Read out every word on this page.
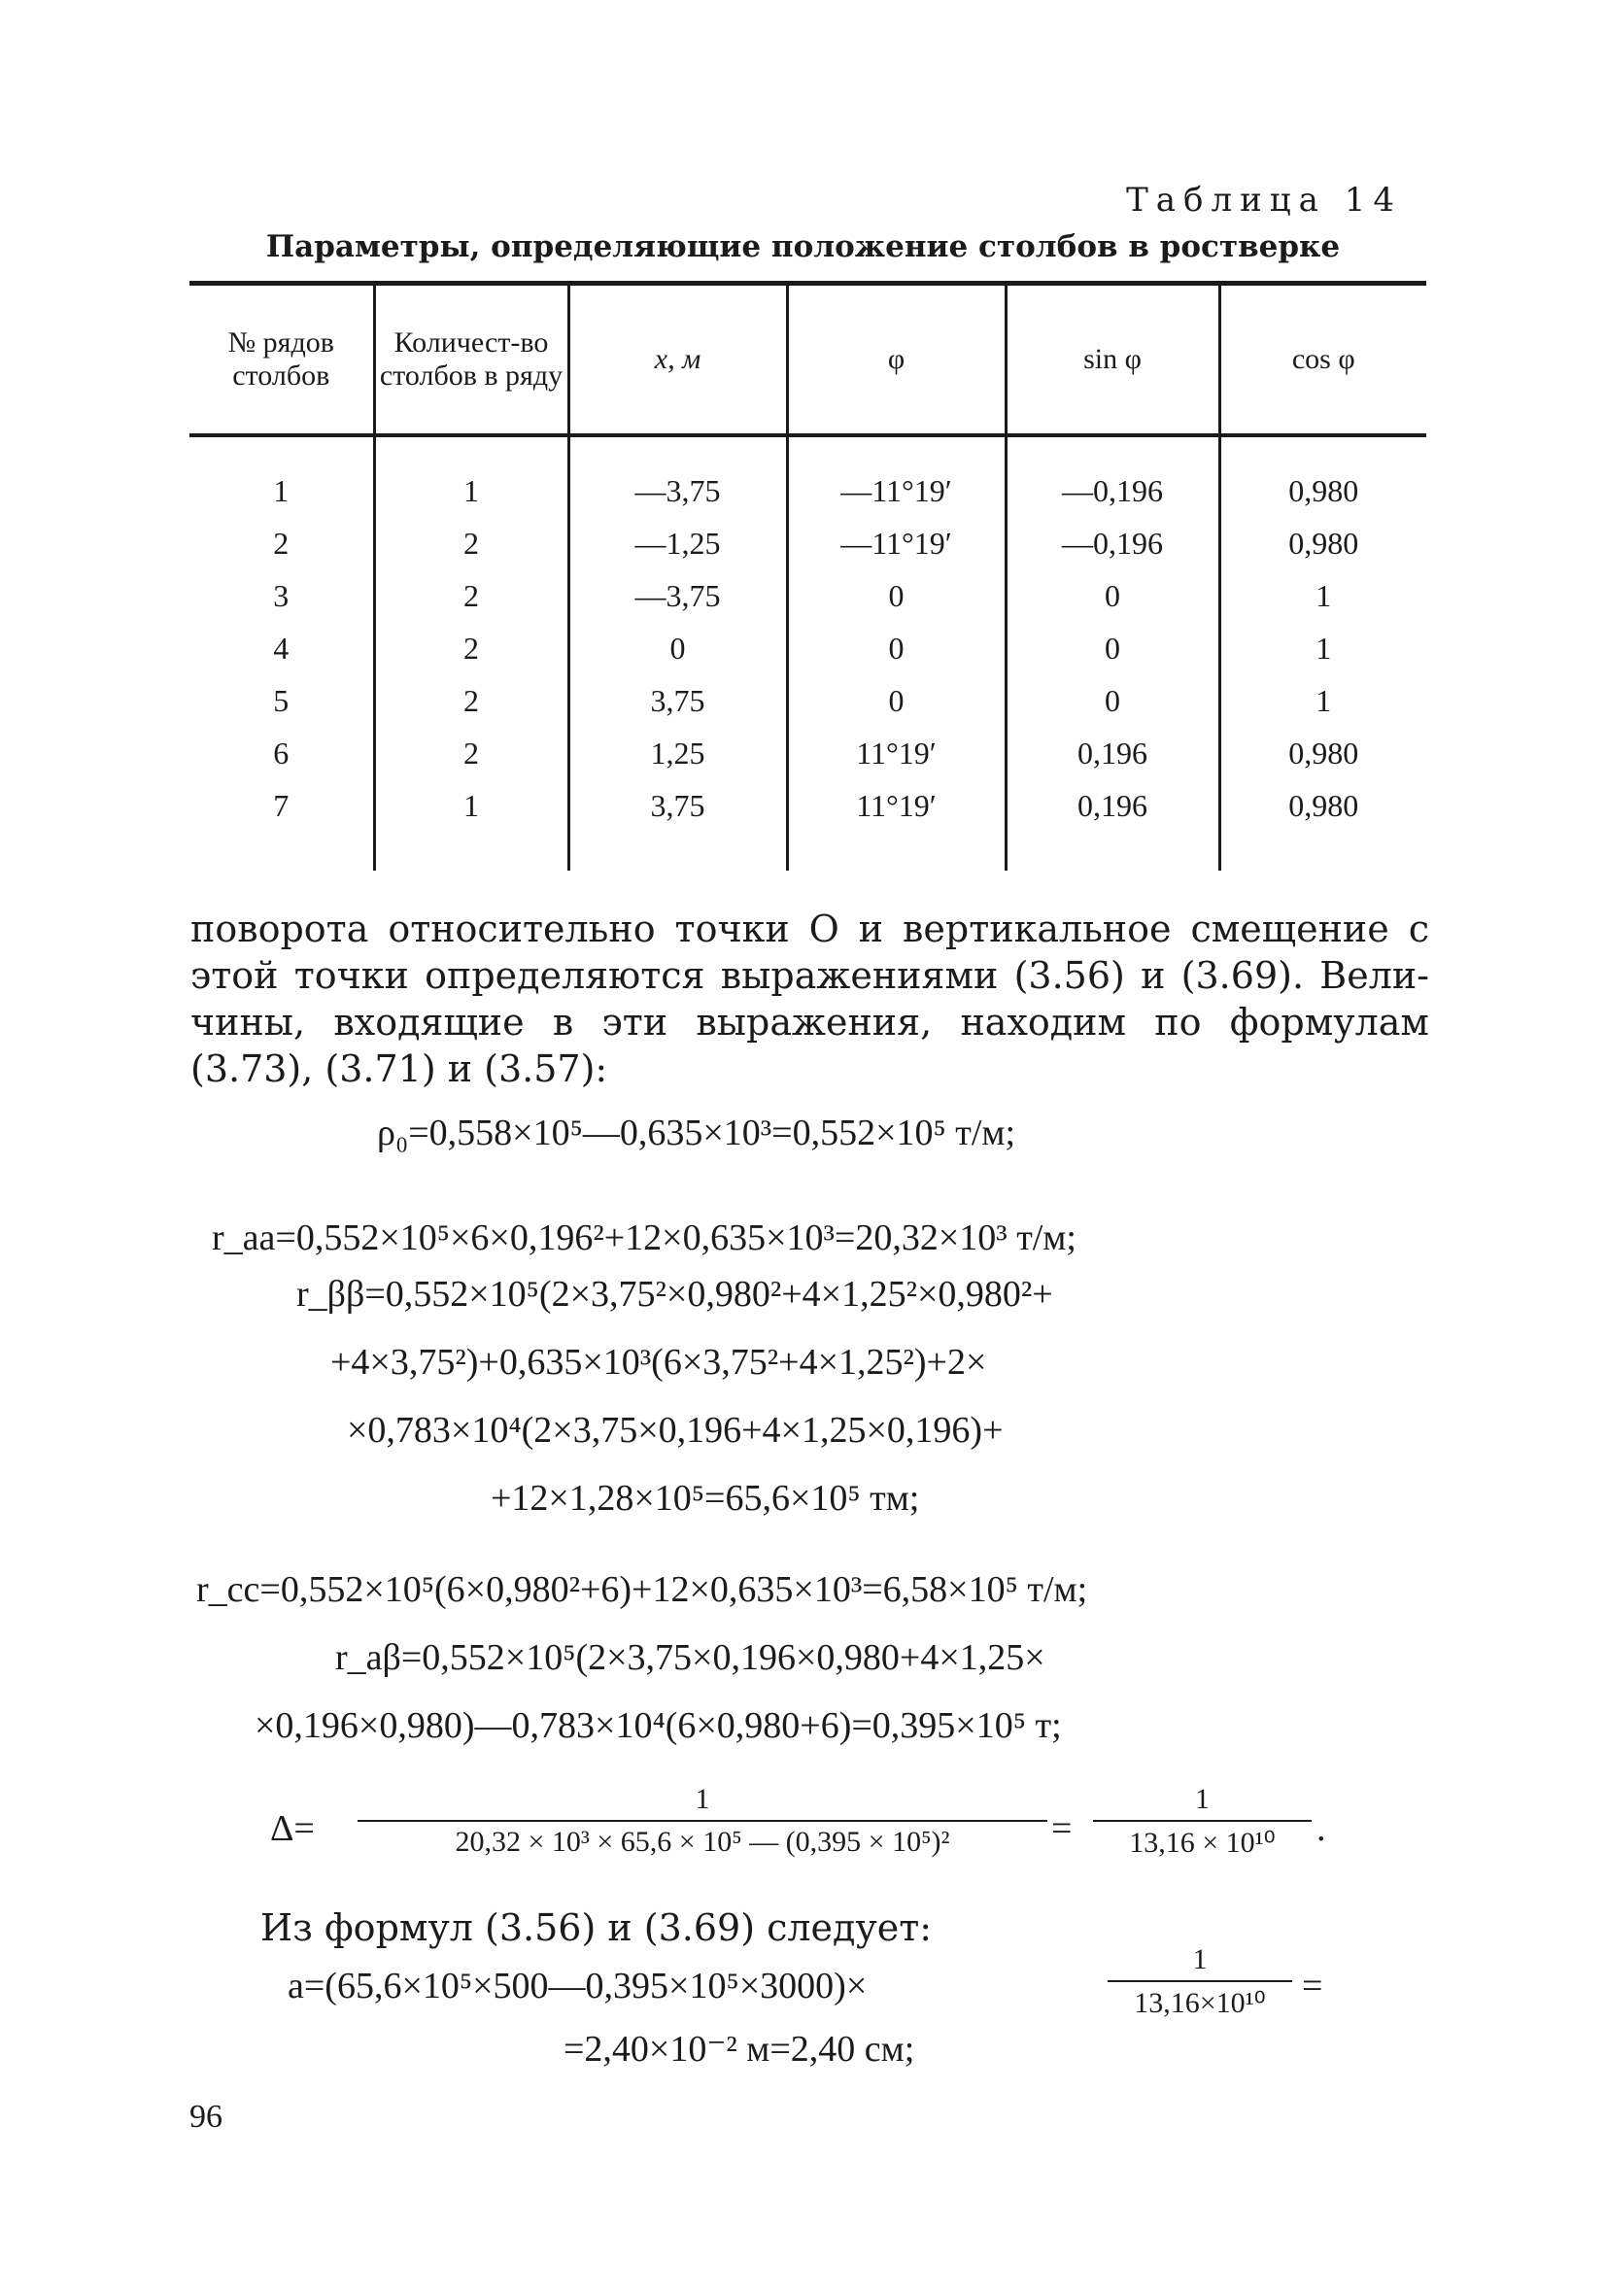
Таблица 14
Параметры, определяющие положение столбов в ростверке
№ рядов столбов	Количест-во столбов в ряду	x, м	φ	sin φ	cos φ
1	1	—3,75	—11°19′	—0,196	0,980
2	2	—1,25	—11°19′	—0,196	0,980
3	2	—3,75	0	0	1
4	2	0	0	0	1
5	2	3,75	0	0	1
6	2	1,25	11°19′	0,196	0,980
7	1	3,75	11°19′	0,196	0,980
поворота относительно точки O и вертикальное смещение c
этой точки определяются выражениями (3.56) и (3.69). Вели-
чины, входящие в эти выражения, находим по формулам
(3.73), (3.71) и (3.57):
ρ₀=0,558×10⁵—0,635×10³=0,552×10⁵ т/м;
r_aa=0,552×10⁵×6×0,196²+12×0,635×10³=20,32×10³ т/м;
r_ββ=0,552×10⁵(2×3,75²×0,980²+4×1,25²×0,980²+
+4×3,75²)+0,635×10³(6×3,75²+4×1,25²)+2×
×0,783×10⁴(2×3,75×0,196+4×1,25×0,196)+
+12×1,28×10⁵=65,6×10⁵ тм;
r_cc=0,552×10⁵(6×0,980²+6)+12×0,635×10³=6,58×10⁵ т/м;
r_aβ=0,552×10⁵(2×3,75×0,196×0,980+4×1,25×
×0,196×0,980)—0,783×10⁴(6×0,980+6)=0,395×10⁵ т;
$\Delta= \frac{1}{\text{20,32 × 10³ × 65,6 × 10⁵ — (0,395 × 10⁵)²}} = \frac{1}{\text{13,16 × 10¹⁰}}$ .
Из формул (3.56) и (3.69) следует:
a=(65,6×10⁵×500—0,395×10⁵×3000)×	$\frac{1}{\text{13,16×10¹⁰}}$ =
=2,40×10⁻² м=2,40 см;
96
